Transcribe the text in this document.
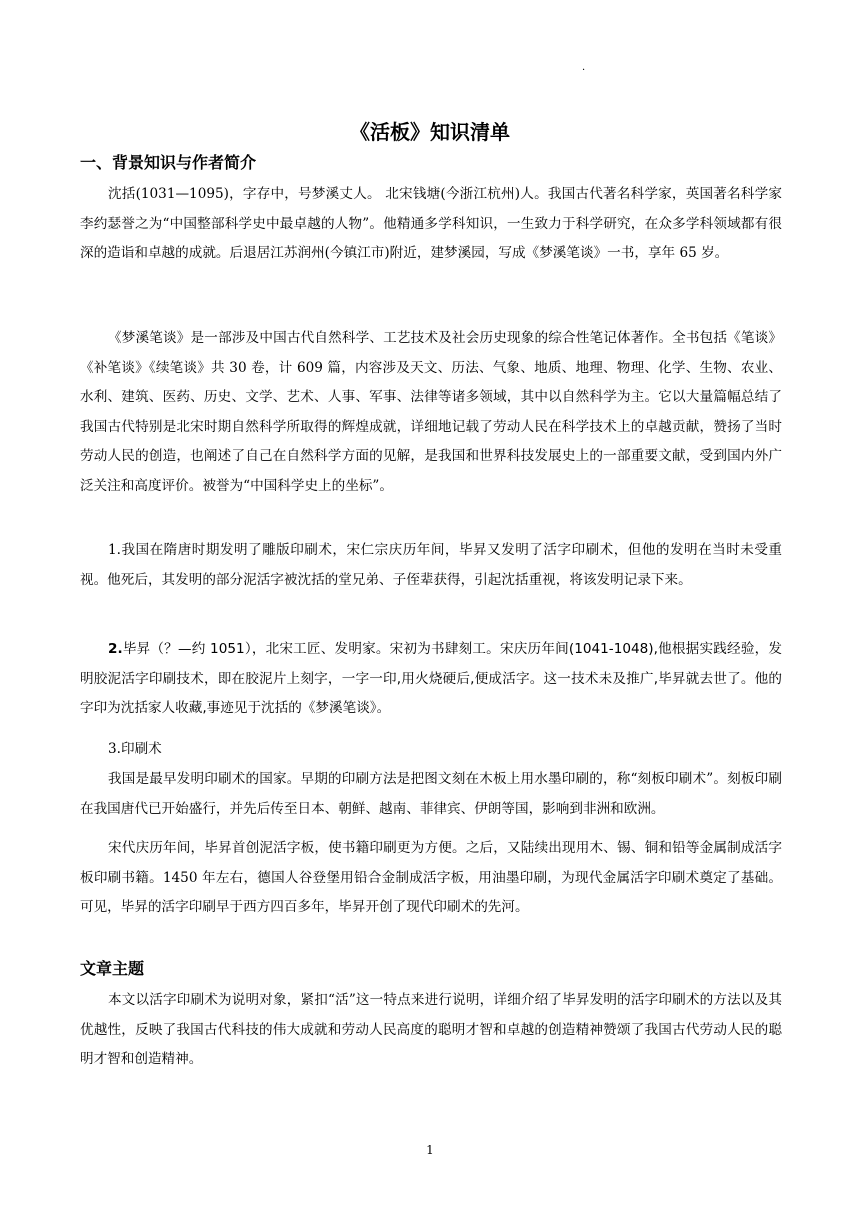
·
《活板》知识清单
一、背景知识与作者简介
沈括(1031—1095)，字存中，号梦溪丈人。 北宋钱塘(今浙江杭州)人。我国古代著名科学家，英国著名科学家李约瑟誉之为“中国整部科学史中最卓越的人物”。他精通多学科知识，一生致力于科学研究，在众多学科领域都有很深的造诣和卓越的成就。后退居江苏润州(今镇江市)附近，建梦溪园，写成《梦溪笔谈》一书，享年 65 岁。
《梦溪笔谈》是一部涉及中国古代自然科学、工艺技术及社会历史现象的综合性笔记体著作。全书包括《笔谈》《补笔谈》《续笔谈》共 30 卷，计 609 篇，内容涉及天文、历法、气象、地质、地理、物理、化学、生物、农业、水利、建筑、医药、历史、文学、艺术、人事、军事、法律等诸多领域，其中以自然科学为主。它以大量篇幅总结了我国古代特别是北宋时期自然科学所取得的辉煌成就，详细地记载了劳动人民在科学技术上的卓越贡献，赞扬了当时劳动人民的创造，也阐述了自己在自然科学方面的见解，是我国和世界科技发展史上的一部重要文献，受到国内外广泛关注和高度评价。被誉为“中国科学史上的坐标”。
1.我国在隋唐时期发明了雕版印刷术，宋仁宗庆历年间，毕昇又发明了活字印刷术，但他的发明在当时未受重视。他死后，其发明的部分泥活字被沈括的堂兄弟、子侄辈获得，引起沈括重视，将该发明记录下来。
2.毕昇（？—约 1051），北宋工匠、发明家。宋初为书肆刻工。宋庆历年间(1041-1048),他根据实践经验，发明胶泥活字印刷技术，即在胶泥片上刻字，一字一印,用火烧硬后,便成活字。这一技术未及推广,毕昇就去世了。他的字印为沈括家人收藏,事迹见于沈括的《梦溪笔谈》。
3.印刷术
我国是最早发明印刷术的国家。早期的印刷方法是把图文刻在木板上用水墨印刷的，称“刻板印刷术”。刻板印刷在我国唐代已开始盛行，并先后传至日本、朝鲜、越南、菲律宾、伊朗等国，影响到非洲和欧洲。
宋代庆历年间，毕昇首创泥活字板，使书籍印刷更为方便。之后，又陆续出现用木、锡、铜和铅等金属制成活字板印刷书籍。1450 年左右，德国人谷登堡用铅合金制成活字板，用油墨印刷，为现代金属活字印刷术奠定了基础。可见，毕昇的活字印刷早于西方四百多年，毕昇开创了现代印刷术的先河。
文章主题
本文以活字印刷术为说明对象，紧扣“活”这一特点来进行说明，详细介绍了毕昇发明的活字印刷术的方法以及其优越性，反映了我国古代科技的伟大成就和劳动人民高度的聪明才智和卓越的创造精神赞颂了我国古代劳动人民的聪明才智和创造精神。
1
